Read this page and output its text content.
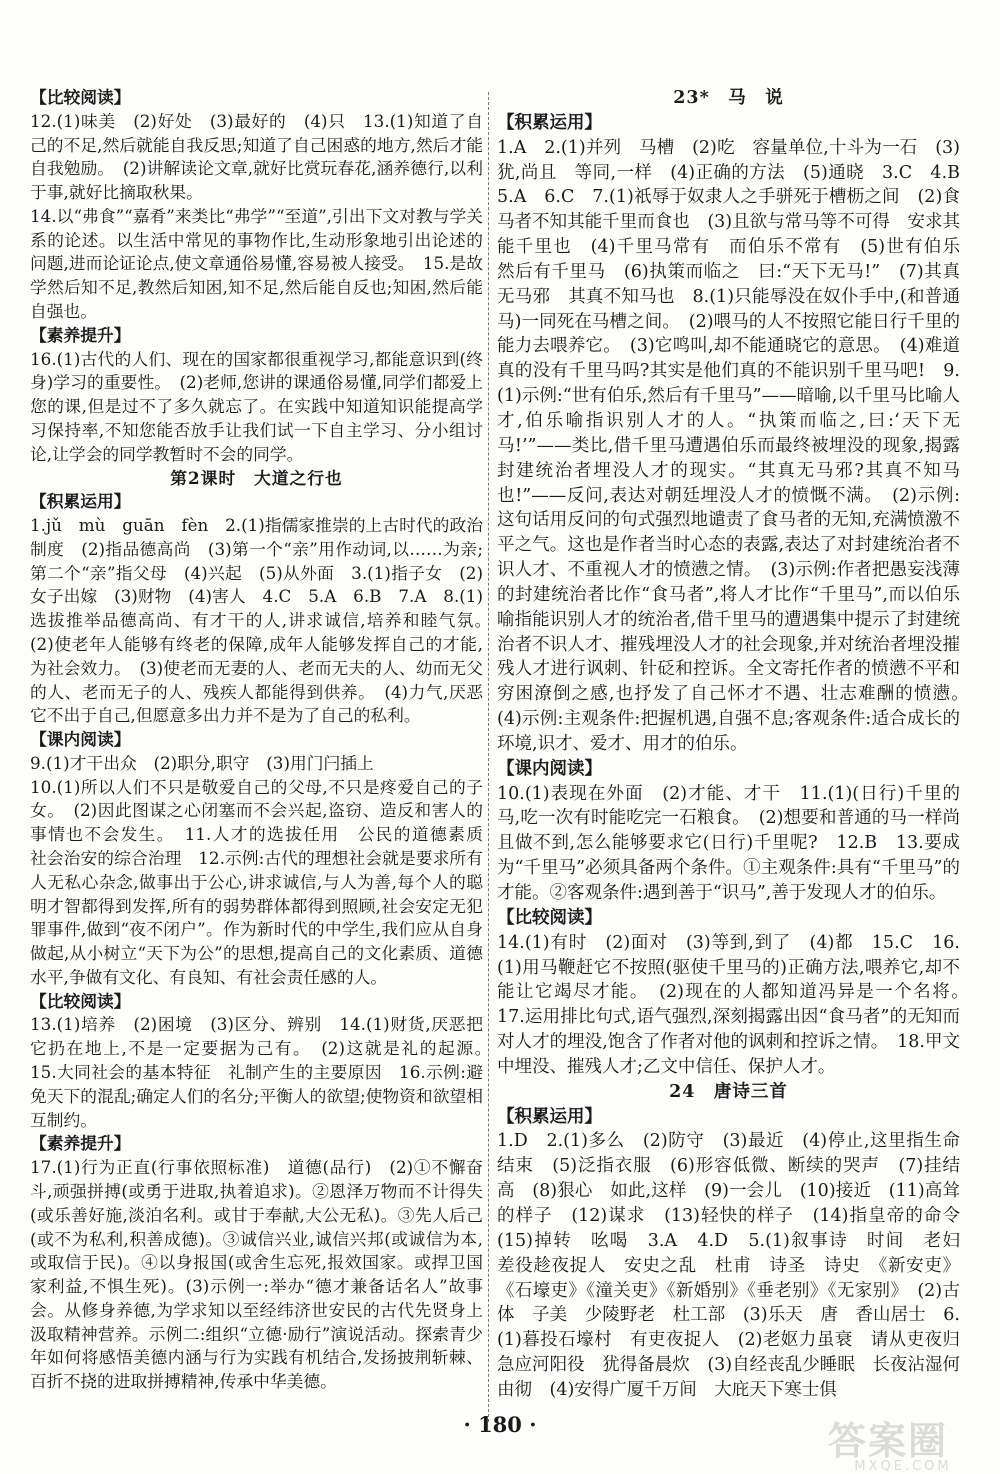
【 比较阅读 】
12.(1)味美　(2)好处　(3)最好的　(4)只　13.(1)知道了自己的不足,然后就能自我反思;知道了自己困惑的地方,然后才能自我勉励。　(2)讲解读论文章,就好比赏玩春花,涵养德行,以利于事,就好比摘取秋果。
14.以“弗食”“嘉肴”来类比“弗学”“至道”,引出下文对教与学关系的论述。以生活中常见的事物作比,生动形象地引出论述的问题,进而论证论点,使文章通俗易懂,容易被人接受。　15.是故学然后知不足,教然后知困,知不足,然后能自反也;知困,然后能自强也。
【 素养提升 】
16.(1)古代的人们、现在的国家都很重视学习,都能意识到(终身)学习的重要性。　(2)老师,您讲的课通俗易懂,同学们都爱上您的课,但是过不了多久就忘了。在实践中知道知识能提高学习保持率,不知您能否放手让我们试一下自主学习、分小组讨论,让学会的同学教暂时不会的同学。
第2课时　大道之行也
【 积累运用 】
1.jǔ　mù　guān　fèn　2.(1)指儒家推崇的上古时代的政治制度　(2)指品德高尚　(3)第一个“亲”用作动词,以……为亲;第二个“亲”指父母　(4)兴起　(5)从外面　3.(1)指子女　(2)女子出嫁　(3)财物　(4)害人　4.C　5.A　6.B　7.A　8.(1)选拔推举品德高尚、有才干的人,讲求诚信,培养和睦气氛。　(2)使老年人能够有终老的保障,成年人能够发挥自己的才能,为社会效力。　(3)使老而无妻的人、老而无夫的人、幼而无父的人、老而无子的人、残疾人都能得到供养。　(4)力气,厌恶它不出于自己,但愿意多出力并不是为了自己的私利。
【 课内阅读 】
9.(1)才干出众　(2)职分,职守　(3)用门闩插上
10.(1)所以人们不只是敬爱自己的父母,不只是疼爱自己的子女。　(2)因此图谋之心闭塞而不会兴起,盗窃、造反和害人的事情也不会发生。　11.人才的选拔任用　公民的道德素质　社会治安的综合治理　12.示例:古代的理想社会就是要求所有人无私心杂念,做事出于公心,讲求诚信,与人为善,每个人的聪明才智都得到发挥,所有的弱势群体都得到照顾,社会安定无犯罪事件,做到“夜不闭户”。作为新时代的中学生,我们应从自身做起,从小树立“天下为公”的思想,提高自己的文化素质、道德水平,争做有文化、有良知、有社会责任感的人。
【 比较阅读 】
13.(1)培养　(2)困境　(3)区分、辨别　14.(1)财货,厌恶把它扔在地上,不是一定要据为己有。　(2)这就是礼的起源。　15.大同社会的基本特征　礼制产生的主要原因　16.示例:避免天下的混乱;确定人们的名分;平衡人的欲望;使物资和欲望相互制约。
【 素养提升 】
17.(1)行为正直(行事依照标准)　道德(品行)　(2)①不懈奋斗,顽强拼搏(或勇于进取,执着追求)。②恩泽万物而不计得失(或乐善好施,淡泊名利。或甘于奉献,大公无私)。③先人后己(或不为私利,积善成德)。③诚信兴业,诚信兴邦(或诚信为本,或取信于民)。④以身报国(或舍生忘死,报效国家。或捍卫国家利益,不惧生死)。(3)示例一:举办“德才兼备话名人”故事会。从修身养德,为学求知以至经纬济世安民的古代先贤身上汲取精神营养。示例二:组织“立德·励行”演说活动。探索青少年如何将感悟美德内涵与行为实践有机结合,发扬披荆斩棘、百折不挠的进取拼搏精神,传承中华美德。
23*　马　说
【 积累运用 】
1.A　2.(1)并列　马槽　(2)吃　容量单位,十斗为一石　(3)犹,尚且　等同,一样　(4)正确的方法　(5)通晓　3.C　4.B　5.A　6.C　7.(1)祇辱于奴隶人之手骈死于槽枥之间　(2)食马者不知其能千里而食也　(3)且欲与常马等不可得　安求其能千里也　(4)千里马常有　而伯乐不常有　(5)世有伯乐　然后有千里马　(6)执策而临之　曰:“天下无马!”　(7)其真无马邪　其真不知马也　8.(1)只能辱没在奴仆手中,(和普通马)一同死在马槽之间。　(2)喂马的人不按照它能日行千里的能力去喂养它。　(3)它鸣叫,却不能通晓它的意思。　(4)难道真的没有千里马吗?其实是他们真的不能识别千里马吧!　9.(1)示例:“世有伯乐,然后有千里马”——暗喻,以千里马比喻人才,伯乐喻指识别人才的人。“执策而临之,曰:‘天下无马!’”——类比,借千里马遭遇伯乐而最终被埋没的现象,揭露封建统治者埋没人才的现实。“其真无马邪?其真不知马也!”——反问,表达对朝廷埋没人才的愤慨不满。　(2)示例:这句话用反问的句式强烈地谴责了食马者的无知,充满愤激不平之气。这也是作者当时心态的表露,表达了对封建统治者不识人才、不重视人才的愤懑之情。　(3)示例:作者把愚妄浅薄的封建统治者比作“食马者”,将人才比作“千里马”,而以伯乐喻指能识别人才的统治者,借千里马的遭遇集中提示了封建统治者不识人才、摧残埋没人才的社会现象,并对统治者埋没摧残人才进行讽刺、针砭和控诉。全文寄托作者的愤懑不平和穷困潦倒之感,也抒发了自己怀才不遇、壮志难酬的愤懑。　(4)示例:主观条件:把握机遇,自强不息;客观条件:适合成长的环境,识才、爱才、用才的伯乐。
【 课内阅读 】
10.(1)表现在外面　(2)才能、才干　11.(1)(日行)千里的马,吃一次有时能吃完一石粮食。　(2)想要和普通的马一样尚且做不到,怎么能够要求它(日行)千里呢?　12.B　13.要成为“千里马”必须具备两个条件。①主观条件:具有“千里马”的才能。②客观条件:遇到善于“识马”,善于发现人才的伯乐。
【 比较阅读 】
14.(1)有时　(2)面对　(3)等到,到了　(4)都　15.C　16.(1)用马鞭赶它不按照(驱使千里马的)正确方法,喂养它,却不能让它竭尽才能。　(2)现在的人都知道冯异是一个名将。　17.运用排比句式,语气强烈,深刻揭露出因“食马者”的无知而对人才的埋没,饱含了作者对他的讽刺和控诉之情。　18.甲文中埋没、摧残人才;乙文中信任、保护人才。
24　唐诗三首
【 积累运用 】
1.D　2.(1)多么　(2)防守　(3)最近　(4)停止,这里指生命结束　(5)泛指衣服　(6)形容低微、断续的哭声　(7)挂结　高　(8)狠心　如此,这样　(9)一会儿　(10)接近　(11)高耸的样子　(12)谋求　(13)轻快的样子　(14)指皇帝的命令　(15)掉转　吆喝　3.A　4.D　5.(1)叙事诗　时间　老妇　差役趁夜捉人　安史之乱　杜甫　诗圣　诗史　《新安吏》《石壕吏》《潼关吏》《新婚别》《垂老别》《无家别》　(2)古体　子美　少陵野老　杜工部　(3)乐天　唐　香山居士　6.(1)暮投石壕村　有吏夜捉人　(2)老妪力虽衰　请从吏夜归　急应河阳役　犹得备晨炊　(3)自经丧乱少睡眠　长夜沾湿何由彻　(4)安得广厦千万间　大庇天下寒士俱
· 180 ·	答案圈
MXQE.COM
